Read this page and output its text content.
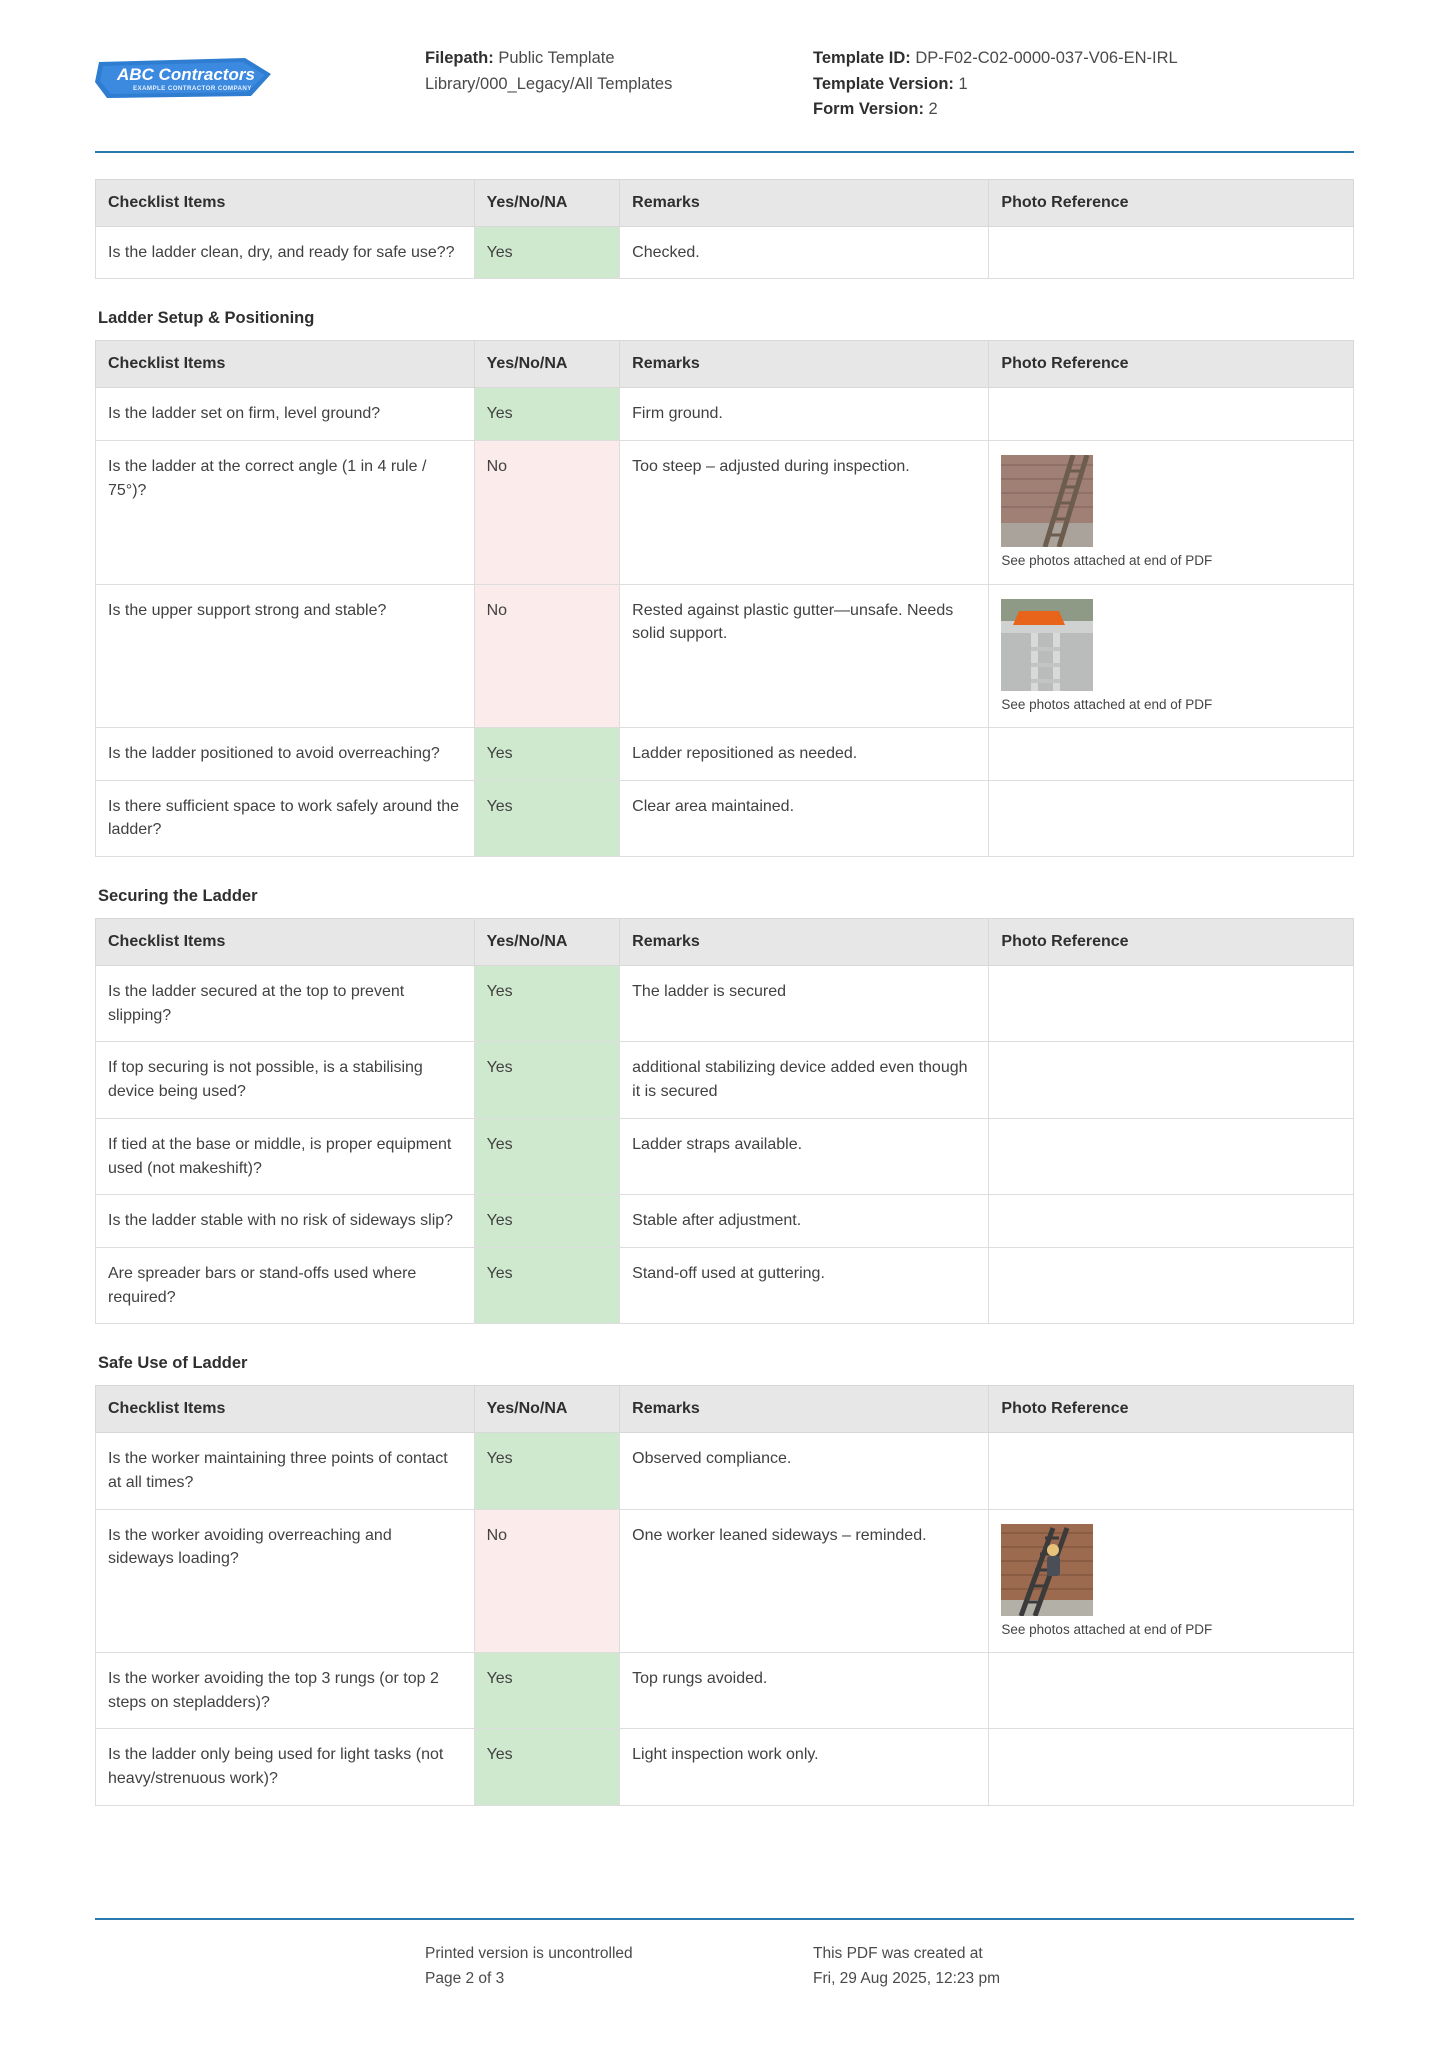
ABC Contractors
EXAMPLE CONTRACTOR COMPANY
Filepath: Public Template Library/000_Legacy/All Templates
Template ID: DP-F02-C02-0000-037-V06-EN-IRL
Template Version: 1
Form Version: 2
Checklist Items	Yes/No/NA	Remarks	Photo Reference
Is the ladder clean, dry, and ready for safe use??	Yes	Checked.	
Ladder Setup & Positioning
Checklist Items	Yes/No/NA	Remarks	Photo Reference
Is the ladder set on firm, level ground?	Yes	Firm ground.	
Is the ladder at the correct angle (1 in 4 rule / 75°)?	No	Too steep – adjusted during inspection.	See photos attached at end of PDF

Is the upper support strong and stable?	No	Rested against plastic gutter—unsafe. Needs solid support.	See photos attached at end of PDF

Is the ladder positioned to avoid overreaching?	Yes	Ladder repositioned as needed.	
Is there sufficient space to work safely around the ladder?	Yes	Clear area maintained.	
Securing the Ladder
Checklist Items	Yes/No/NA	Remarks	Photo Reference
Is the ladder secured at the top to prevent slipping?	Yes	The ladder is secured	
If top securing is not possible, is a stabilising device being used?	Yes	additional stabilizing device added even though it is secured	
If tied at the base or middle, is proper equipment used (not makeshift)?	Yes	Ladder straps available.	
Is the ladder stable with no risk of sideways slip?	Yes	Stable after adjustment.	
Are spreader bars or stand-offs used where required?	Yes	Stand-off used at guttering.	
Safe Use of Ladder
Checklist Items	Yes/No/NA	Remarks	Photo Reference
Is the worker maintaining three points of contact at all times?	Yes	Observed compliance.	
Is the worker avoiding overreaching and sideways loading?	No	One worker leaned sideways – reminded.	See photos attached at end of PDF

Is the worker avoiding the top 3 rungs (or top 2 steps on stepladders)?	Yes	Top rungs avoided.	
Is the ladder only being used for light tasks (not heavy/strenuous work)?	Yes	Light inspection work only.	
Printed version is uncontrolled
Page 2 of 3
This PDF was created at
Fri, 29 Aug 2025, 12:23 pm
